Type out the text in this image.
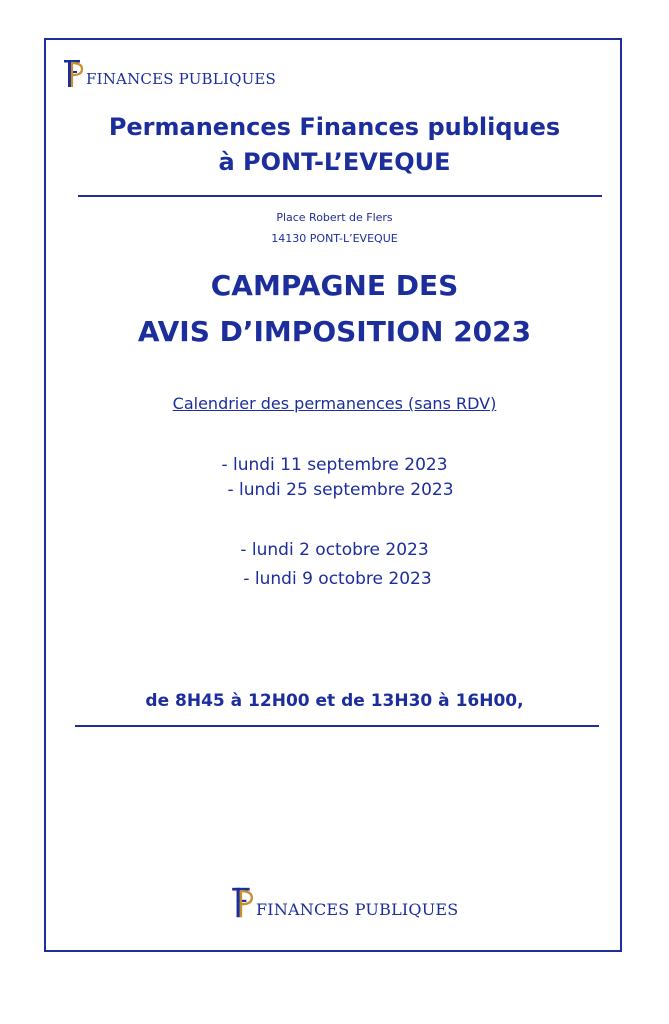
FINANCES PUBLIQUES
Permanences Finances publiques
à PONT-L’EVEQUE
Place Robert de Flers
14130 PONT-L’EVEQUE
CAMPAGNE DES
AVIS D’IMPOSITION 2023
Calendrier des permanences (sans RDV)
- lundi 11 septembre 2023
- lundi 25 septembre 2023
- lundi 2 octobre 2023
- lundi 9 octobre 2023
de 8H45 à 12H00 et de 13H30 à 16H00,
FINANCES PUBLIQUES
